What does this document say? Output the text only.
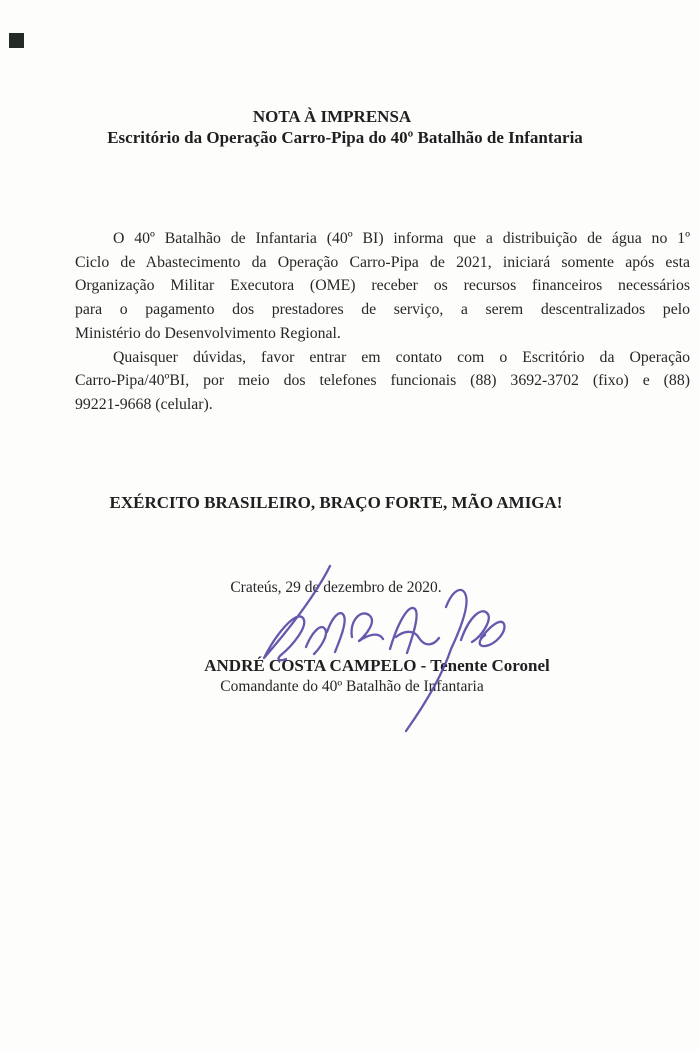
NOTA À IMPRENSA
Escritório da Operação Carro-Pipa do 40º Batalhão de Infantaria
O 40º Batalhão de Infantaria (40º BI) informa que a distribuição de água no 1º
Ciclo de Abastecimento da Operação Carro-Pipa de 2021, iniciará somente após esta
Organização Militar Executora (OME) receber os recursos financeiros necessários
para o pagamento dos prestadores de serviço, a serem descentralizados pelo
Ministério do Desenvolvimento Regional.
Quaisquer dúvidas, favor entrar em contato com o Escritório da Operação
Carro-Pipa/40ºBI, por meio dos telefones funcionais (88) 3692-3702 (fixo) e (88)
99221-9668 (celular).
EXÉRCITO BRASILEIRO, BRAÇO FORTE, MÃO AMIGA!
Crateús, 29 de dezembro de 2020.
ANDRÉ COSTA CAMPELO - Tenente Coronel
Comandante do 40º Batalhão de Infantaria
